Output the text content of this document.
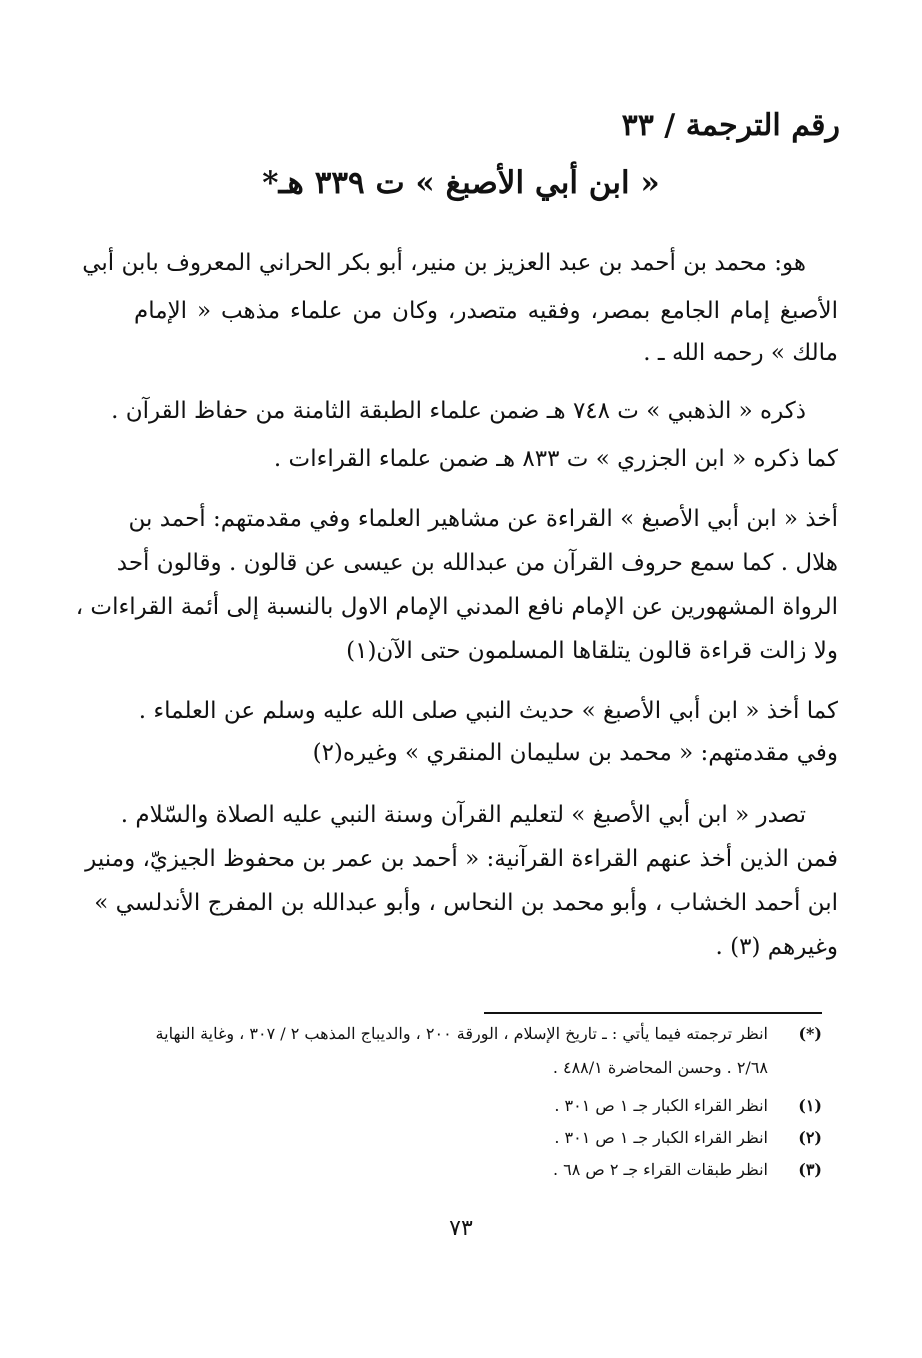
رقم الترجمة / ٣٣
« ابن أبي الأصبغ » ت ٣٣٩ هـ*
هو: محمد بن أحمد بن عبد العزيز بن منير، أبو بكر الحراني المعروف بابن أبي
الأصبغ إمام الجامع بمصر، وفقيه متصدر، وكان من علماء مذهب « الإمام
مالك » رحمه الله ـ .
ذكره « الذهبي » ت ٧٤٨ هـ ضمن علماء الطبقة الثامنة من حفاظ القرآن .
كما ذكره « ابن الجزري » ت ٨٣٣ هـ ضمن علماء القراءات .
أخذ « ابن أبي الأصبغ » القراءة عن مشاهير العلماء وفي مقدمتهم: أحمد بن
هلال . كما سمع حروف القرآن من عبدالله بن عيسى عن قالون . وقالون أحد
الرواة المشهورين عن الإمام نافع المدني الإمام الاول بالنسبة إلى أئمة القراءات ،
ولا زالت قراءة قالون يتلقاها المسلمون حتى الآن(١)
كما أخذ « ابن أبي الأصبغ » حديث النبي صلى الله عليه وسلم عن العلماء .
وفي مقدمتهم: « محمد بن سليمان المنقري » وغيره(٢)
تصدر « ابن أبي الأصبغ » لتعليم القرآن وسنة النبي عليه الصلاة والسّلام .
فمن الذين أخذ عنهم القراءة القرآنية: « أحمد بن عمر بن محفوظ الجيزيّ، ومنير
ابن أحمد الخشاب ، وأبو محمد بن النحاس ، وأبو عبدالله بن المفرج الأندلسي »
وغيرهم (٣) .
(*)
انظر ترجمته فيما يأتي : ـ تاريخ الإسلام ، الورقة ٢٠٠ ، والديباج المذهب ٢ / ٣٠٧ ، وغاية النهاية
٢/٦٨ . وحسن المحاضرة ٤٨٨/١ .
(١)
انظر القراء الكبار جـ ١ ص ٣٠١ .
(٢)
انظر القراء الكبار جـ ١ ص ٣٠١ .
(٣)
انظر طبقات القراء جـ ٢ ص ٦٨ .
٧٣
